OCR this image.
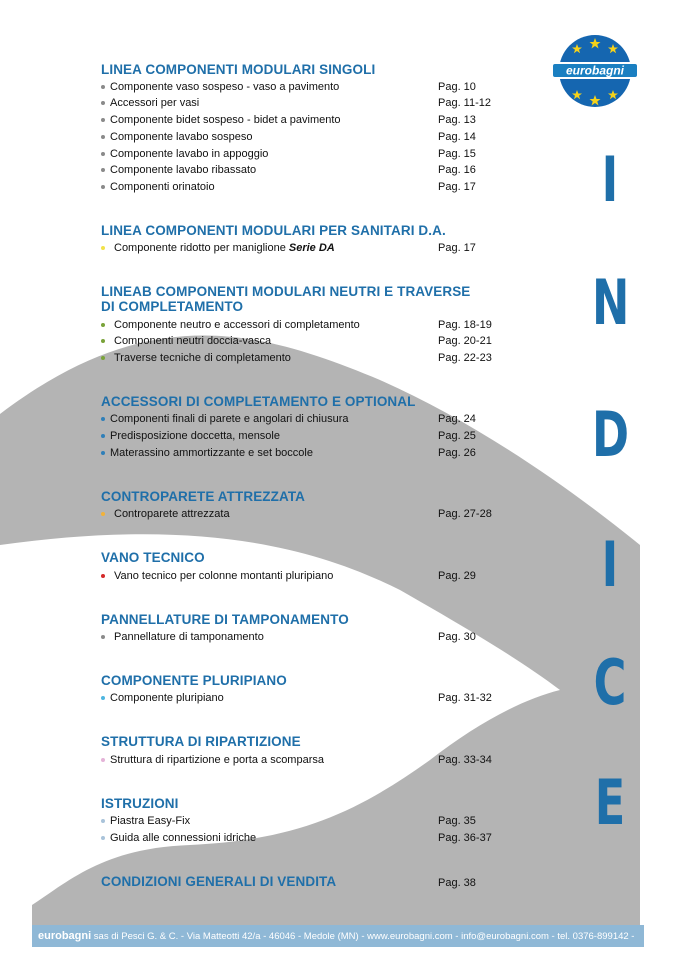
eurobagni
LINEA COMPONENTI MODULARI SINGOLI
Componente vaso sospeso - vaso a pavimento	Pag. 10
Accessori per vasi	Pag. 11-12
Componente bidet sospeso - bidet a pavimento	Pag. 13
Componente lavabo sospeso	Pag. 14
Componente lavabo in appoggio	Pag. 15
Componente lavabo ribassato	Pag. 16
Componenti orinatoio	Pag. 17
LINEA COMPONENTI MODULARI PER SANITARI D.A.
Componente ridotto per maniglione Serie DA	Pag. 17
LINEAB COMPONENTI MODULARI NEUTRI E TRAVERSE
DI COMPLETAMENTO
Componente neutro e accessori di completamento	Pag. 18-19
Componenti neutri doccia-vasca	Pag. 20-21
Traverse tecniche di completamento	Pag. 22-23
ACCESSORI DI COMPLETAMENTO E OPTIONAL
Componenti finali di parete e angolari di chiusura	Pag. 24
Predisposizione doccetta, mensole	Pag. 25
Materassino ammortizzante e set boccole	Pag. 26
CONTROPARETE ATTREZZATA
Controparete attrezzata	Pag. 27-28
VANO TECNICO
Vano tecnico per colonne montanti pluripiano	Pag. 29
PANNELLATURE DI TAMPONAMENTO
Pannellature di tamponamento	Pag. 30
COMPONENTE PLURIPIANO
Componente pluripiano	Pag. 31-32
STRUTTURA DI RIPARTIZIONE
Struttura di ripartizione e porta a scomparsa	Pag. 33-34
ISTRUZIONI
Piastra Easy-Fix	Pag. 35
Guida alle connessioni idriche	Pag. 36-37
CONDIZIONI GENERALI DI VENDITA	Pag. 38
I
N
D
I
C
E
eurobagni sas di Pesci G. & C. - Via Matteotti 42/a - 46046 - Medole (MN) - www.eurobagni.com - info@eurobagni.com - tel. 0376-899142 -
